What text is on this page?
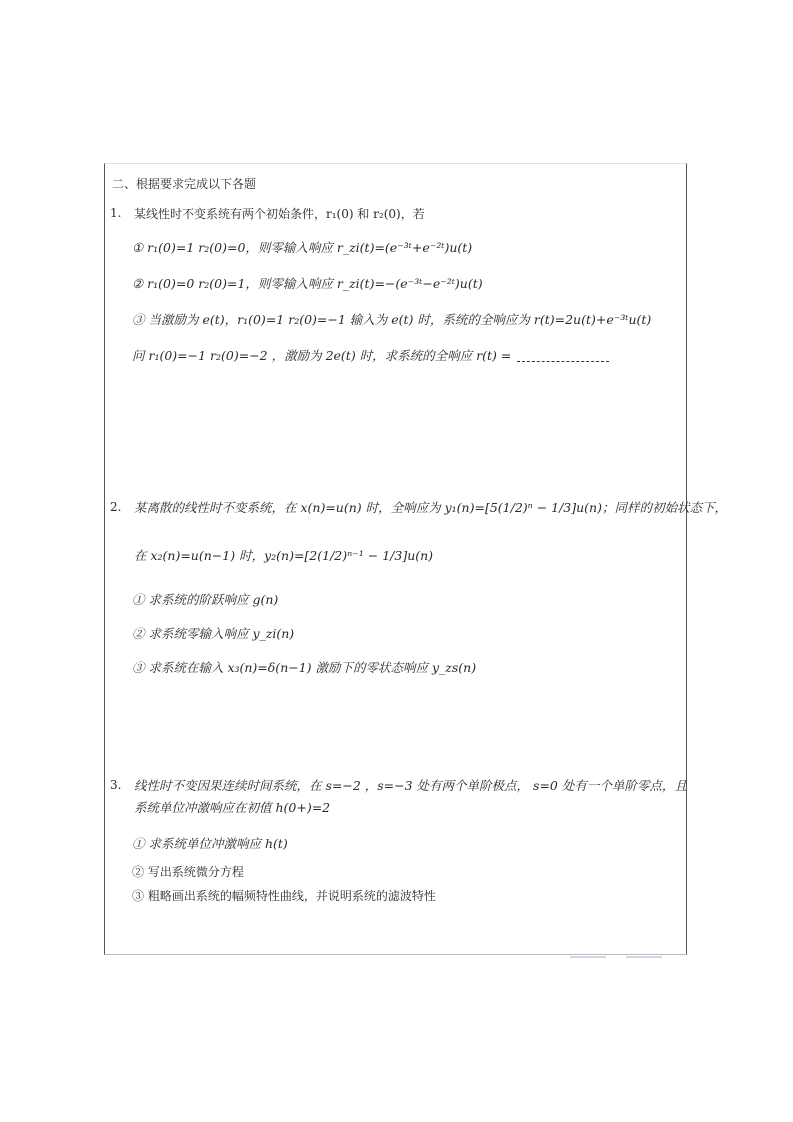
二、根据要求完成以下各题
1. 某线性时不变系统有两个初始条件，r₁(0) 和 r₂(0)，若
① r₁(0)=1 r₂(0)=0，则零输入响应 r_zi(t)=(e⁻³ᵗ+e⁻²ᵗ)u(t)
② r₁(0)=0 r₂(0)=1，则零输入响应 r_zi(t)=−(e⁻³ᵗ−e⁻²ᵗ)u(t)
③ 当激励为 e(t)，r₁(0)=1 r₂(0)=−1 输入为 e(t) 时，系统的全响应为 r(t)=2u(t)+e⁻³ᵗu(t)
问 r₁(0)=−1 r₂(0)=−2 ，激励为 2e(t) 时，求系统的全响应 r(t) =
2. 某离散的线性时不变系统，在 x(n)=u(n) 时，全响应为 y₁(n)=[5(1/2)ⁿ − 1/3]u(n)；同样的初始状态下，
在 x₂(n)=u(n−1) 时，y₂(n)=[2(1/2)ⁿ⁻¹ − 1/3]u(n)
① 求系统的阶跃响应 g(n)
② 求系统零输入响应 y_zi(n)
③ 求系统在输入 x₃(n)=δ(n−1) 激励下的零状态响应 y_zs(n)
3. 线性时不变因果连续时间系统，在 s=−2 ，s=−3 处有两个单阶极点， s=0 处有一个单阶零点，且
系统单位冲激响应在初值 h(0+)=2
① 求系统单位冲激响应 h(t)
② 写出系统微分方程
③ 粗略画出系统的幅频特性曲线，并说明系统的滤波特性
